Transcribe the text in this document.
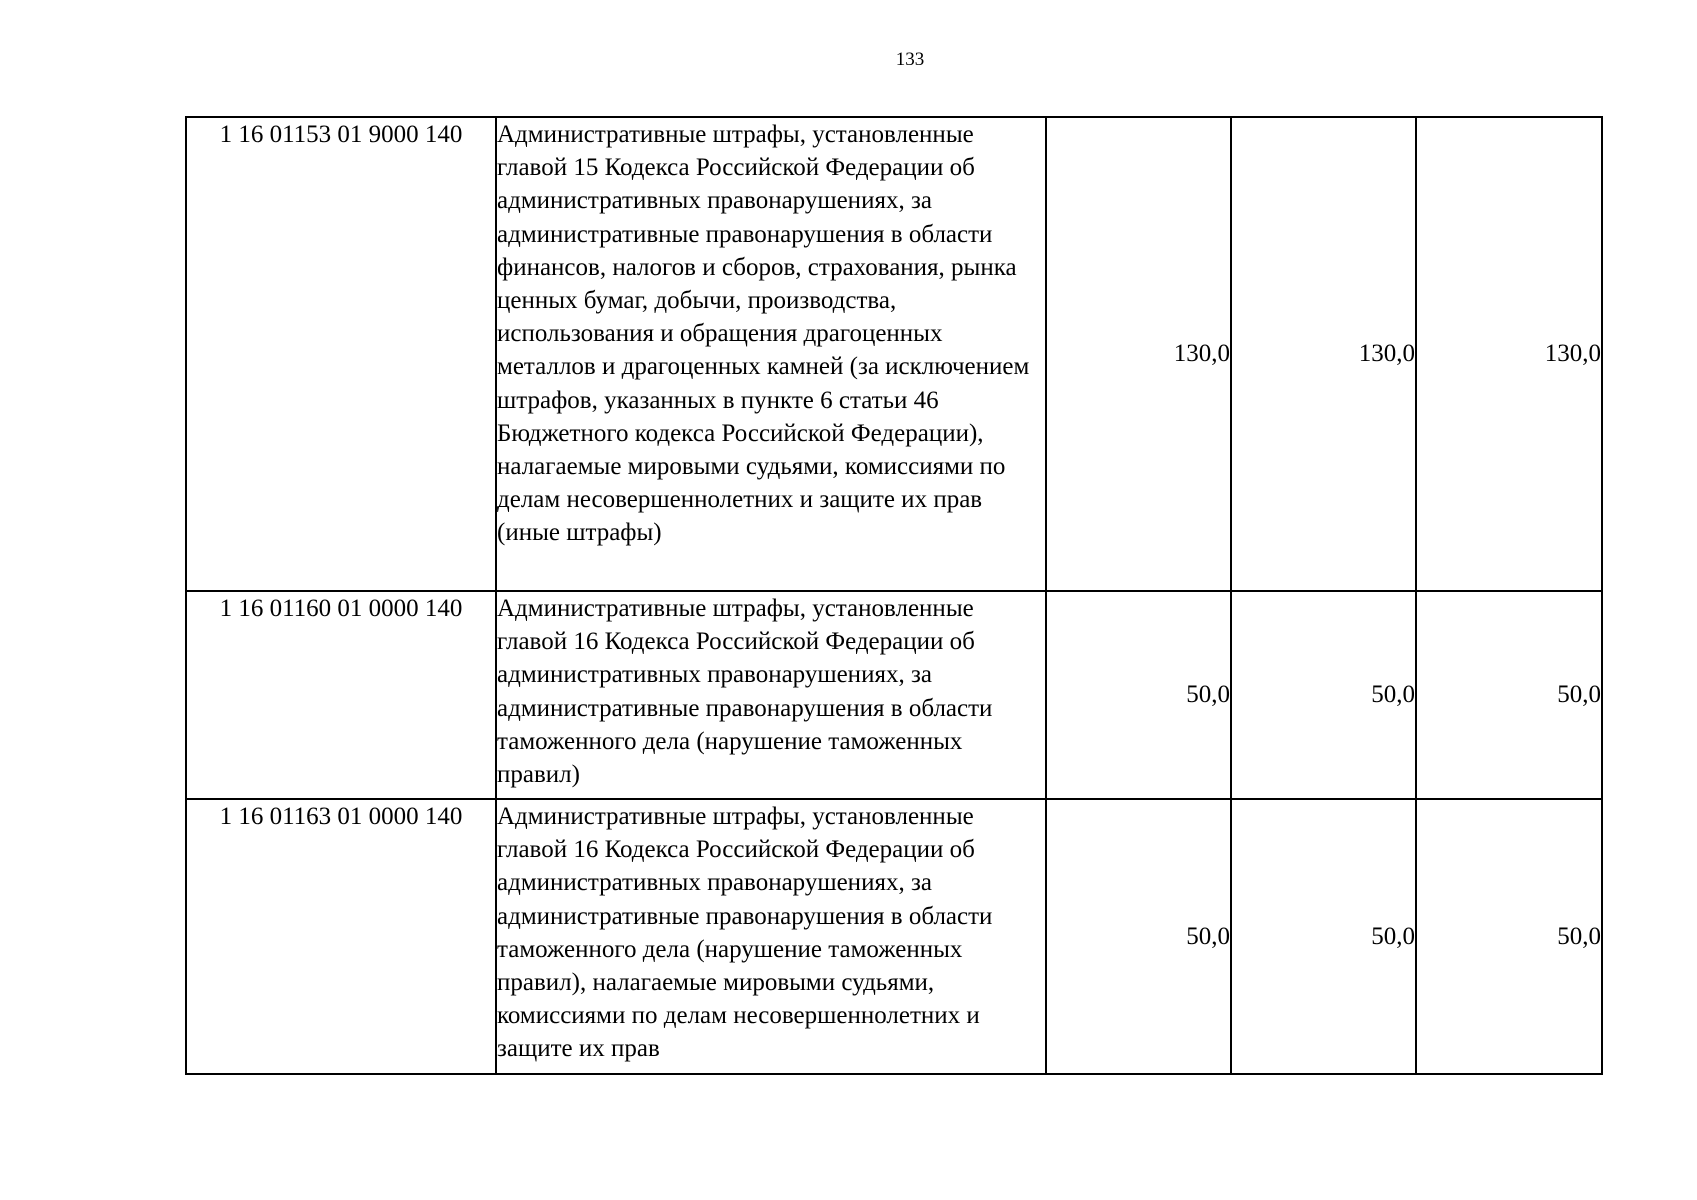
133
1 16 01153 01 9000 140	Административные штрафы, установленные главой 15 Кодекса Российской Федерации об административных правонарушениях, за административные правонарушения в области финансов, налогов и сборов, страхования, рынка ценных бумаг, добычи, производства, использования и обращения драгоценных металлов и драгоценных камней (за исключением штрафов, указанных в пункте 6 статьи 46 Бюджетного кодекса Российской Федерации), налагаемые мировыми судьями, комиссиями по делам несовершеннолетних и защите их прав (иные штрафы)	130,0	130,0	130,0
1 16 01160 01 0000 140	Административные штрафы, установленные главой 16 Кодекса Российской Федерации об административных правонарушениях, за административные правонарушения в области таможенного дела (нарушение таможенных правил)	50,0	50,0	50,0
1 16 01163 01 0000 140	Административные штрафы, установленные главой 16 Кодекса Российской Федерации об административных правонарушениях, за административные правонарушения в области таможенного дела (нарушение таможенных правил), налагаемые мировыми судьями, комиссиями по делам несовершеннолетних и защите их прав	50,0	50,0	50,0
